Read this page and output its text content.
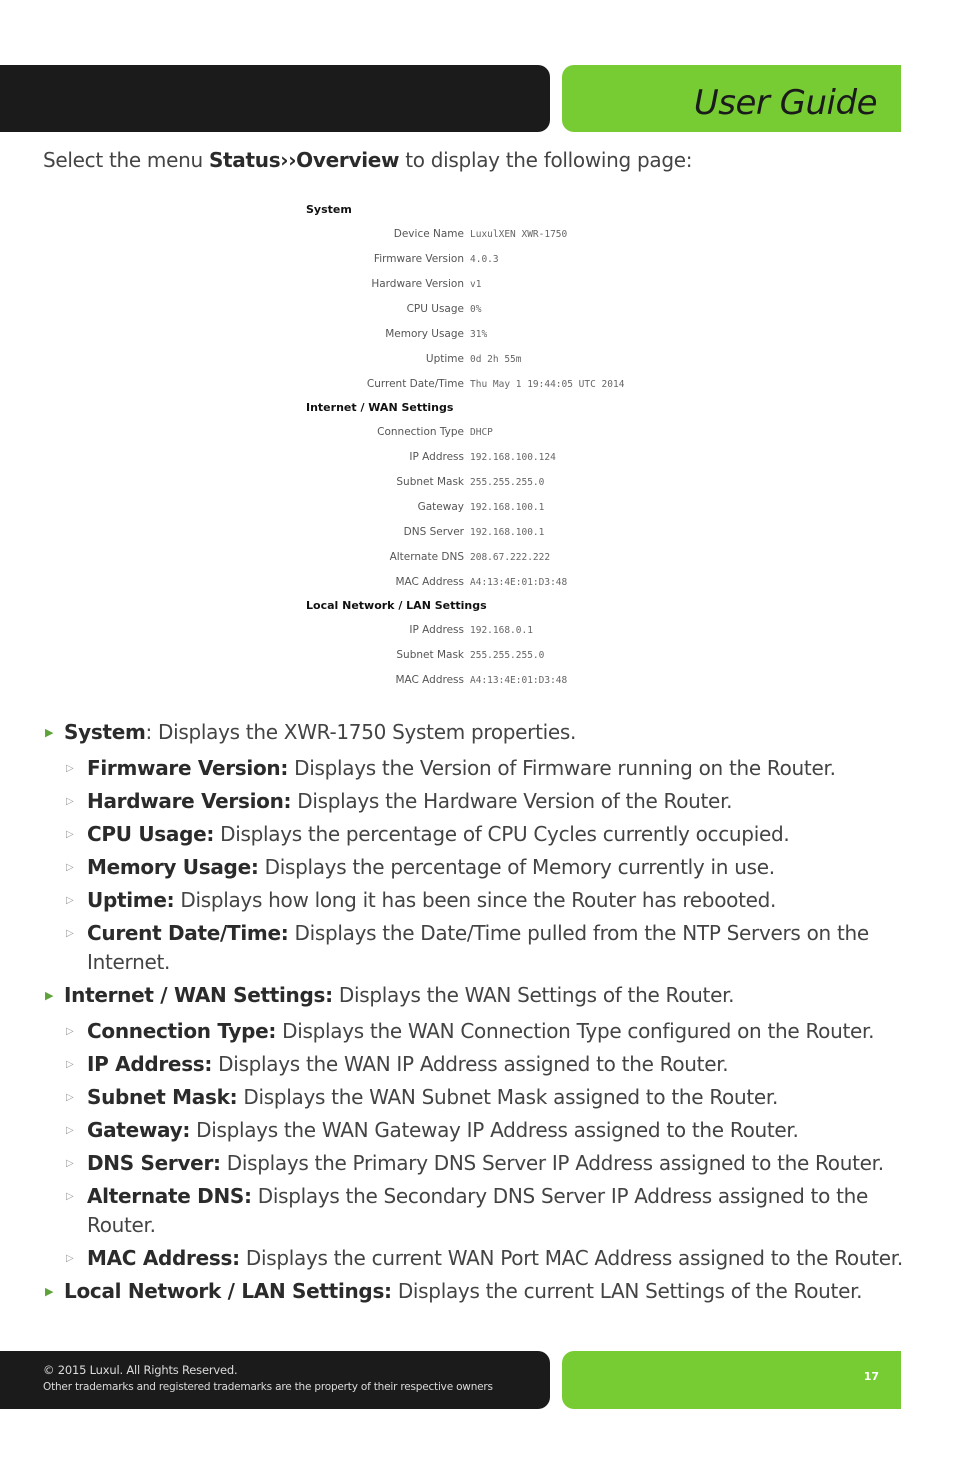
User Guide
Select the menu Status››Overview to display the following page:
System
Device Name LuxulXEN XWR-1750
Firmware Version 4.0.3
Hardware Version v1
CPU Usage 0%
Memory Usage 31%
Uptime 0d 2h 55m
Current Date/Time Thu May 1 19:44:05 UTC 2014
Internet / WAN Settings
Connection Type DHCP
IP Address 192.168.100.124
Subnet Mask 255.255.255.0
Gateway 192.168.100.1
DNS Server 192.168.100.1
Alternate DNS 208.67.222.222
MAC Address A4:13:4E:01:D3:48
Local Network / LAN Settings
IP Address 192.168.0.1
Subnet Mask 255.255.255.0
MAC Address A4:13:4E:01:D3:48
▶ System: Displays the XWR-1750 System properties.
▷ Firmware Version: Displays the Version of Firmware running on the Router.
▷ Hardware Version: Displays the Hardware Version of the Router.
▷ CPU Usage: Displays the percentage of CPU Cycles currently occupied.
▷ Memory Usage: Displays the percentage of Memory currently in use.
▷ Uptime: Displays how long it has been since the Router has rebooted.
▷ Curent Date/Time: Displays the Date/Time pulled from the NTP Servers on the Internet.
▶ Internet / WAN Settings: Displays the WAN Settings of the Router.
▷ Connection Type: Displays the WAN Connection Type configured on the Router.
▷ IP Address: Displays the WAN IP Address assigned to the Router.
▷ Subnet Mask: Displays the WAN Subnet Mask assigned to the Router.
▷ Gateway: Displays the WAN Gateway IP Address assigned to the Router.
▷ DNS Server: Displays the Primary DNS Server IP Address assigned to the Router.
▷ Alternate DNS: Displays the Secondary DNS Server IP Address assigned to the Router.
▷ MAC Address: Displays the current WAN Port MAC Address assigned to the Router.
▶ Local Network / LAN Settings: Displays the current LAN Settings of the Router.
© 2015 Luxul. All Rights Reserved.
Other trademarks and registered trademarks are the property of their respective owners
17
